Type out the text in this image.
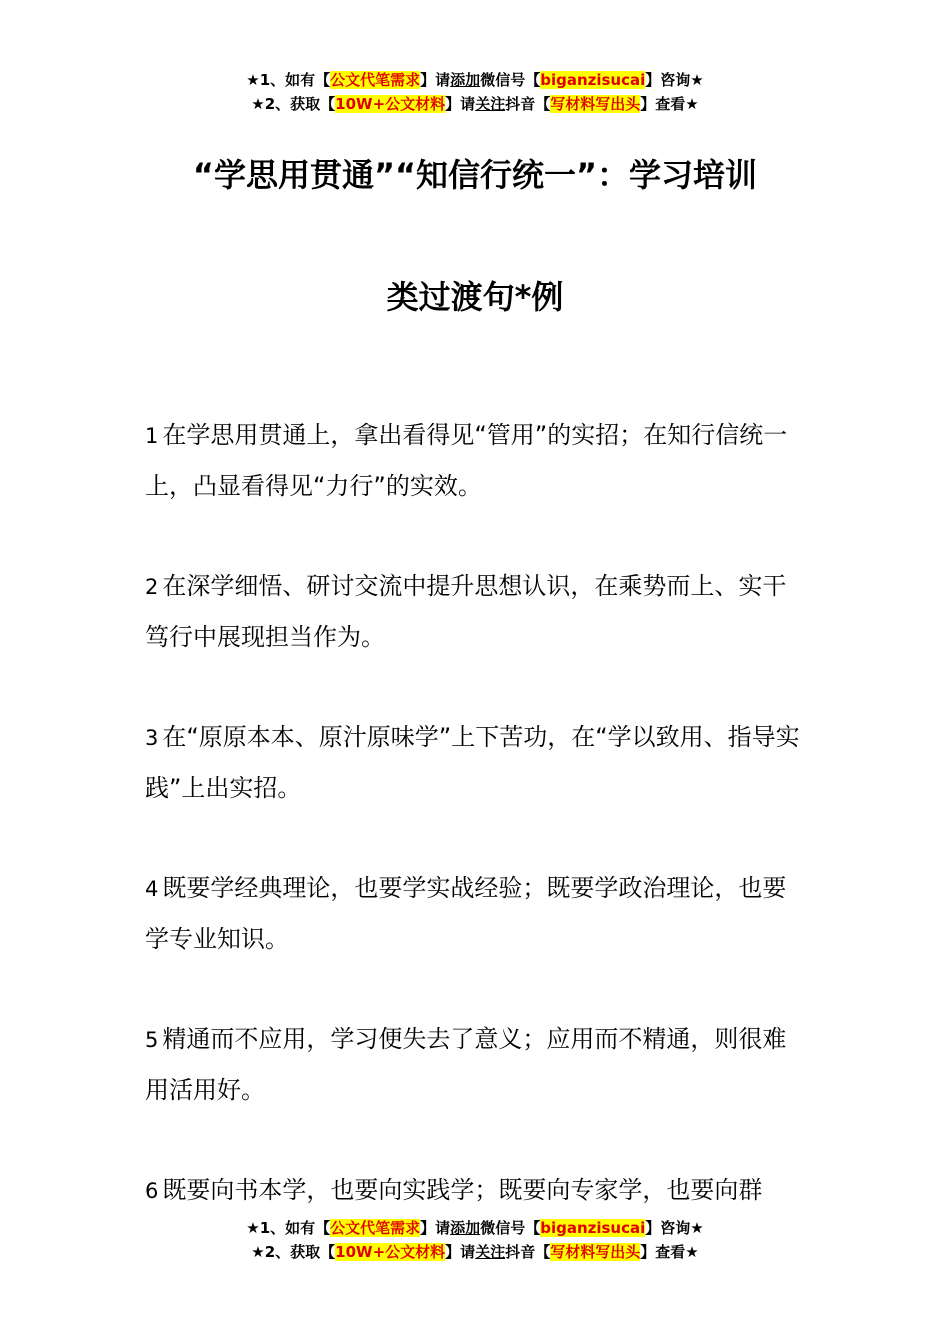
★1、如有【公文代笔需求】请添加微信号【biganzisucai】咨询★
★2、获取【10W+公文材料】请关注抖音【写材料写出头】查看★
“学思用贯通”“知信行统一”：学习培训
类过渡句*例

1 在学思用贯通上，拿出看得见“管用”的实招；在知行信统一上，凸显看得见“力行”的实效。

2 在深学细悟、研讨交流中提升思想认识，在乘势而上、实干笃行中展现担当作为。

3 在“原原本本、原汁原味学”上下苦功，在“学以致用、指导实践”上出实招。

4 既要学经典理论，也要学实战经验；既要学政治理论，也要学专业知识。

5 精通而不应用，学习便失去了意义；应用而不精通，则很难用活用好。

6 既要向书本学，也要向实践学；既要向专家学，也要向群

★1、如有【公文代笔需求】请添加微信号【biganzisucai】咨询★
★2、获取【10W+公文材料】请关注抖音【写材料写出头】查看★
